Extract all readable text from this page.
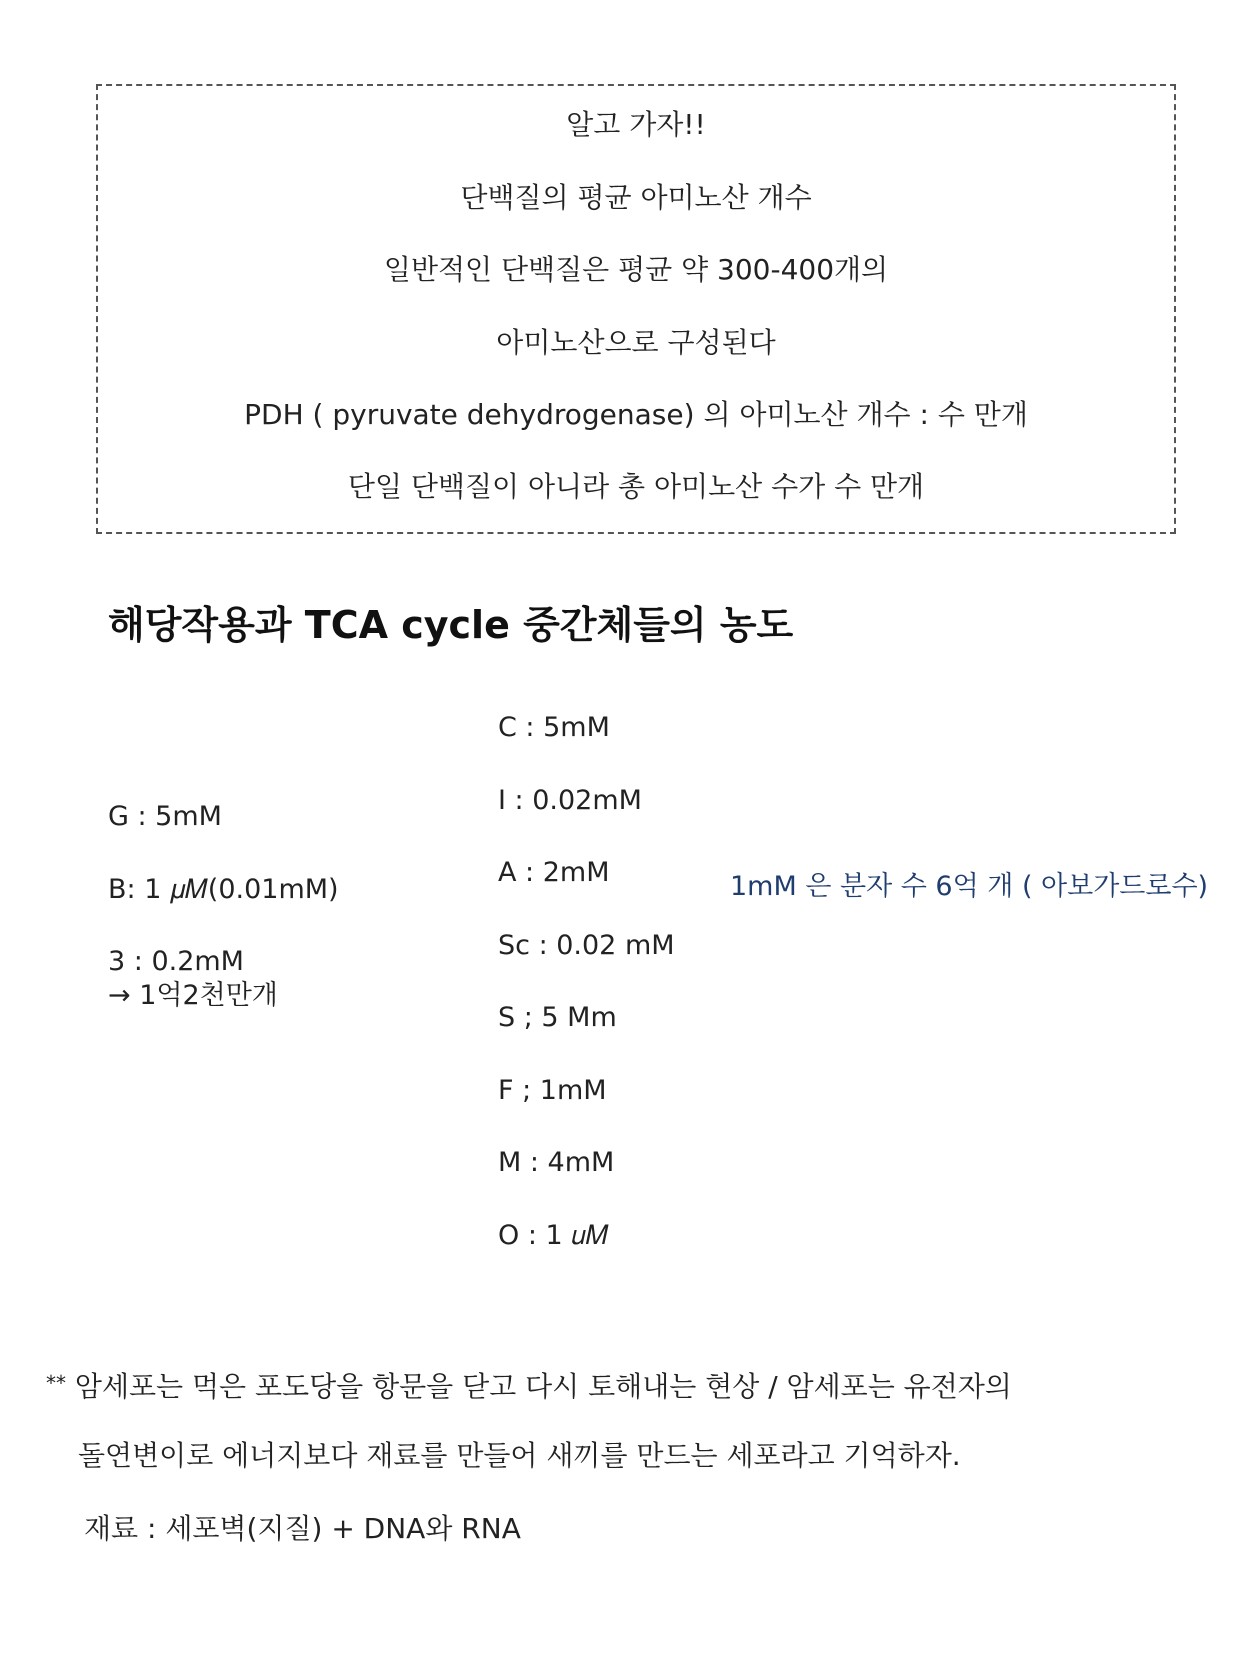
알고 가자!!
단백질의 평균 아미노산 개수
일반적인 단백질은 평균 약 300-400개의
아미노산으로 구성된다
PDH ( pyruvate dehydrogenase) 의 아미노산 개수 : 수 만개
단일 단백질이 아니라 총 아미노산 수가 수 만개
해당작용과 TCA cycle 중간체들의 농도
G : 5mM
B: 1 𝜇𝑀(0.01mM)
3 : 0.2mM
→ 1억2천만개
C : 5mM
I : 0.02mM
A : 2mM
Sc : 0.02 mM
S ; 5 Mm
F ; 1mM
M : 4mM
O : 1 𝑢𝑀
1mM 은 분자 수 6억 개 ( 아보가드로수)
** 암세포는 먹은 포도당을 항문을 닫고 다시 토해내는 현상 / 암세포는 유전자의
돌연변이로 에너지보다 재료를 만들어 새끼를 만드는 세포라고 기억하자.
재료 : 세포벽(지질) + DNA와 RNA
